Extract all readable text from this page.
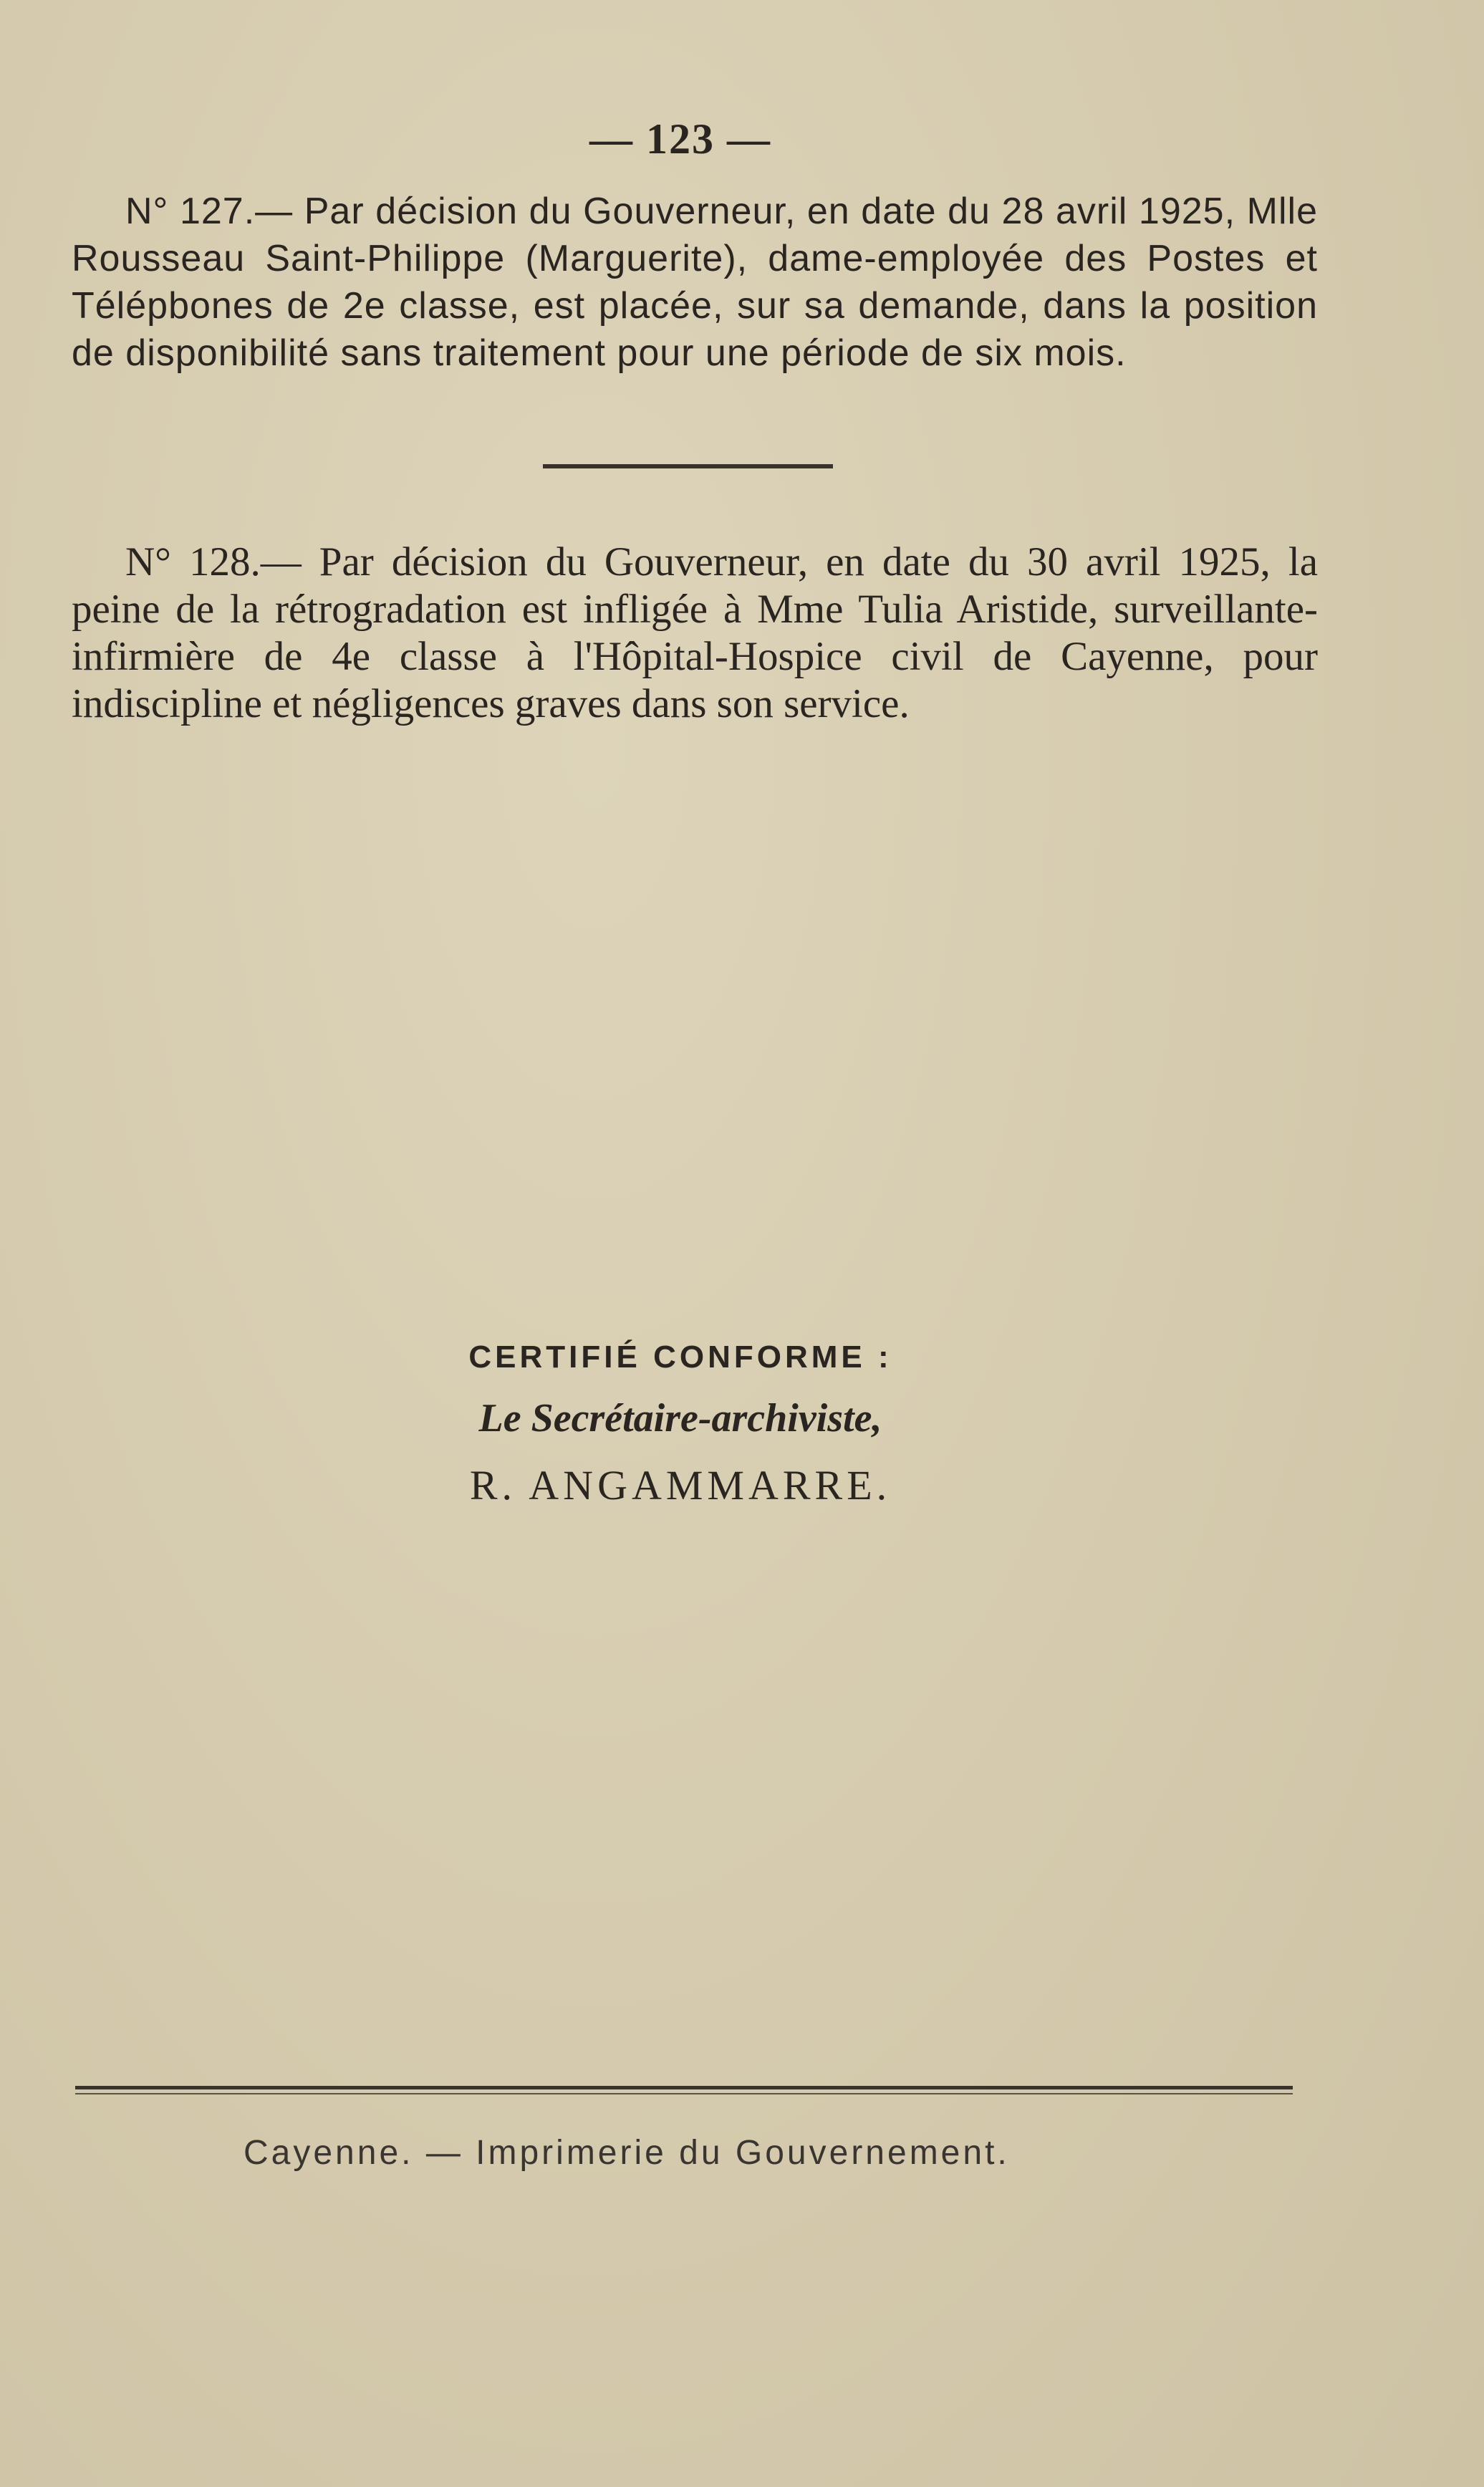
— 123 —

N° 127.— Par décision du Gouverneur, en date du 28 avril 1925, Mlle Rousseau Saint-Philippe (Marguerite), dame-employée des Postes et Télépbones de 2e classe, est placée, sur sa demande, dans la position de disponibilité sans traitement pour une période de six mois.

N° 128.— Par décision du Gouverneur, en date du 30 avril 1925, la peine de la rétrogradation est infligée à Mme Tulia Aristide, surveillante-infirmière de 4e classe à l'Hôpital-Hospice civil de Cayenne, pour indiscipline et négligences graves dans son service.

CERTIFIÉ CONFORME :

Le Secrétaire-archiviste,

R. ANGAMMARRE.

Cayenne. — Imprimerie du Gouvernement.
